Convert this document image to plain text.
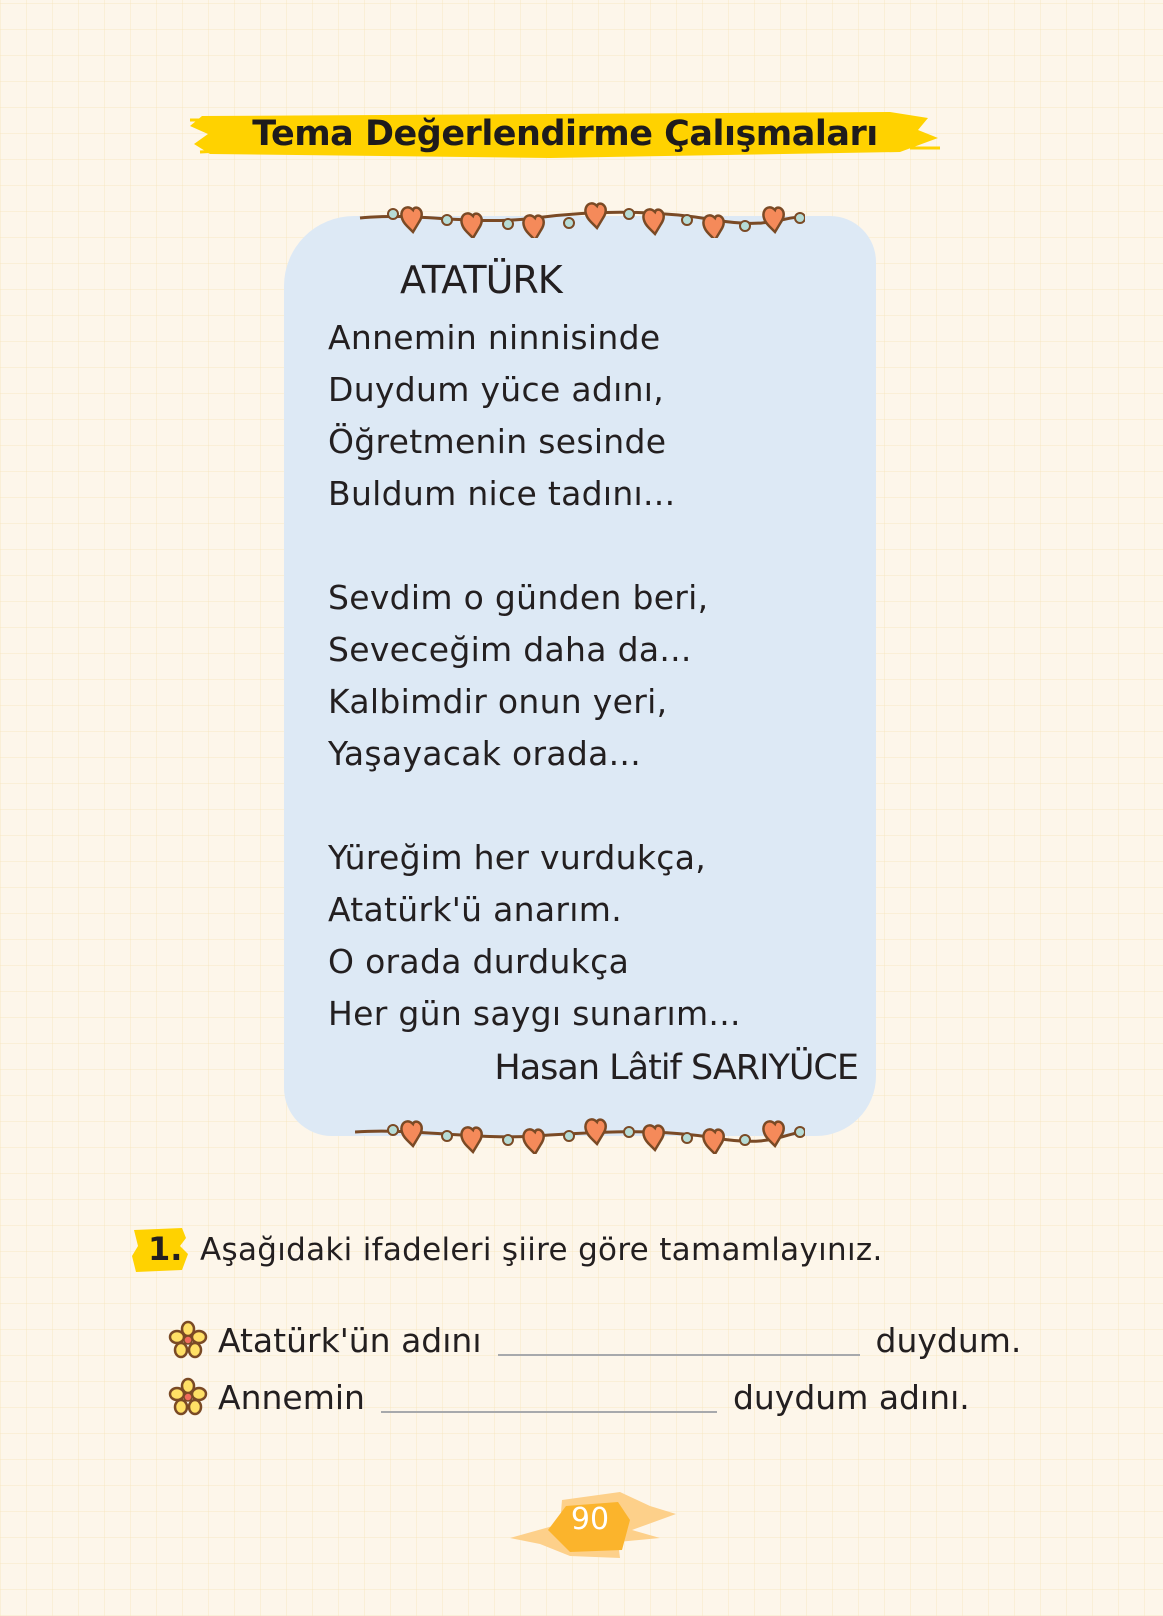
Tema Değerlendirme Çalışmaları
ATATÜRK
Annemin ninnisinde
Duydum yüce adını,
Öğretmenin sesinde
Buldum nice tadını...
Sevdim o günden beri,
Seveceğim daha da...
Kalbimdir onun yeri,
Yaşayacak orada...
Yüreğim her vurdukça,
Atatürk'ü anarım.
O orada durdukça
Her gün saygı sunarım...
Hasan Lâtif SARIYÜCE
1. Aşağıdaki ifadeleri şiire göre tamamlayınız.
Atatürk'ün adını	duydum.
Annemin	duydum adını.
90
